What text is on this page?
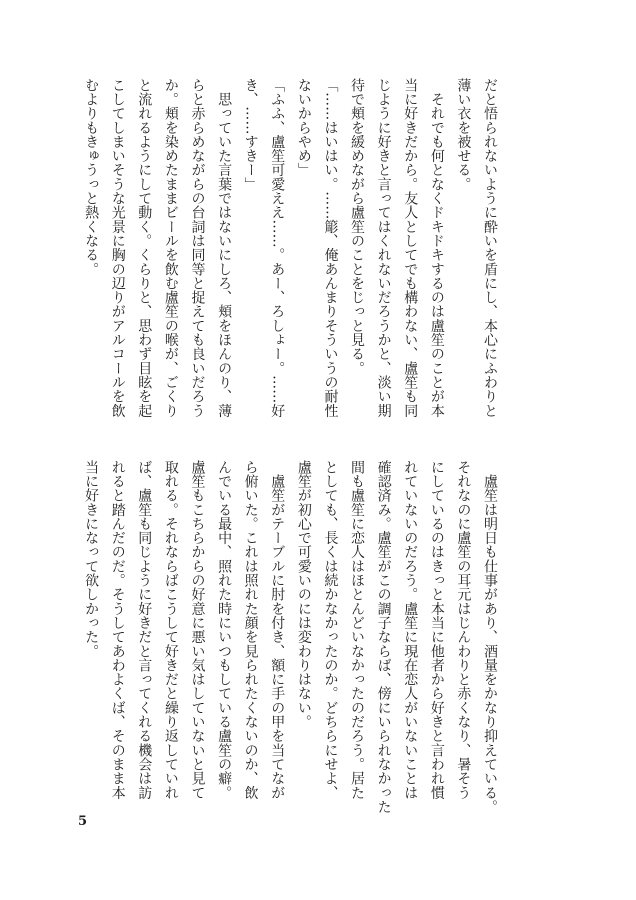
だと悟られないように酔いを盾にし、本心にふわりと
薄い衣を被せる。
　それでも何となくドキドキするのは盧笙のことが本
当に好きだから。友人としてでも構わない、盧笙も同
じように好きと言ってはくれないだろうかと、淡い期
待で頬を緩めながら盧笙のことをじっと見る。
「……はいはい。……簓、俺あんまりそういうの耐性
ないからやめ」
「ふふ、盧笙可愛ええ……。あー、ろしょー。……好
き、……すきー」
　思っていた言葉ではないにしろ、頬をほんのり、薄
らと赤らめながらの台詞は同等と捉えても良いだろう
か。頬を染めたままビールを飲む盧笙の喉が、ごくり
と流れるようにして動く。くらりと、思わず目眩を起
こしてしまいそうな光景に胸の辺りがアルコールを飲
むよりもきゅうっと熱くなる。
　盧笙は明日も仕事があり、酒量をかなり抑えている。
それなのに盧笙の耳元はじんわりと赤くなり、暑そう
にしているのはきっと本当に他者から好きと言われ慣
れていないのだろう。盧笙に現在恋人がいないことは
確認済み。盧笙がこの調子ならば、傍にいられなかった
間も盧笙に恋人はほとんどいなかったのだろう。居た
としても、長くは続かなかったのか。どちらにせよ、
盧笙が初心で可愛いのには変わりはない。
　盧笙がテーブルに肘を付き、額に手の甲を当てなが
ら俯いた。これは照れた顔を見られたくないのか、飲
んでいる最中、照れた時にいつもしている盧笙の癖。
盧笙もこちらからの好意に悪い気はしていないと見て
取れる。それならばこうして好きだと繰り返していれ
ば、盧笙も同じように好きだと言ってくれる機会は訪
れると踏んだのだ。そうしてあわよくば、そのまま本
当に好きになって欲しかった。
5
